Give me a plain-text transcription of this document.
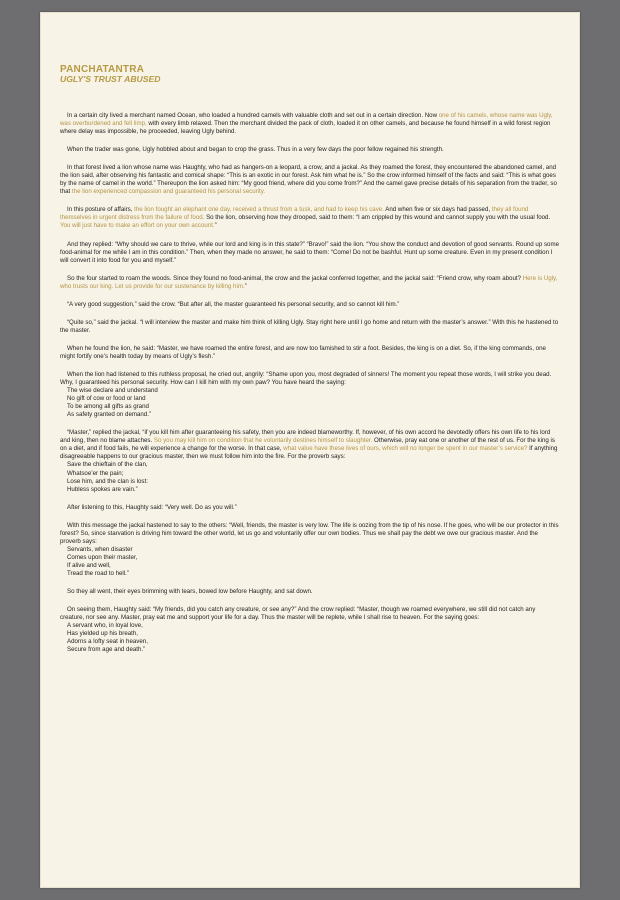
PANCHATANTRA
UGLY'S TRUST ABUSED

In a certain city lived a merchant named Ocean, who loaded a hundred camels with valuable cloth and set out in a certain direction. Now one of his camels, whose name was Ugly, was overburdened and fell limp, with every limb relaxed. Then the merchant divided the pack of cloth, loaded it on other camels, and because he found himself in a wild forest region where delay was impossible, he proceeded, leaving Ugly behind.

When the trader was gone, Ugly hobbled about and began to crop the grass. Thus in a very few days the poor fellow regained his strength.

In that forest lived a lion whose name was Haughty, who had as hangers-on a leopard, a crow, and a jackal. As they roamed the forest, they encountered the abandoned camel, and the lion said, after observing his fantastic and comical shape: “This is an exotic in our forest. Ask him what he is.” So the crow informed himself of the facts and said: “This is what goes by the name of camel in the world.” Thereupon the lion asked him: “My good friend, where did you come from?” And the camel gave precise details of his separation from the trader, so that the lion experienced compassion and guaranteed his personal security.

In this posture of affairs, the lion fought an elephant one day, received a thrust from a tusk, and had to keep his cave. And when five or six days had passed, they all found themselves in urgent distress from the failure of food. So the lion, observing how they drooped, said to them: “I am crippled by this wound and cannot supply you with the usual food. You will just have to make an effort on your own account.”

And they replied: “Why should we care to thrive, while our lord and king is in this state?” “Bravo!” said the lion. “You show the conduct and devotion of good servants. Round up some food-animal for me while I am in this condition.” Then, when they made no answer, he said to them: “Come! Do not be bashful. Hunt up some creature. Even in my present condition I will convert it into food for you and myself.”

So the four started to roam the woods. Since they found no food-animal, the crow and the jackal conferred together, and the jackal said: “Friend crow, why roam about? Here is Ugly, who trusts our king. Let us provide for our sustenance by killing him.”

“A very good suggestion,” said the crow. “But after all, the master guaranteed his personal security, and so cannot kill him.”

“Quite so,” said the jackal. “I will interview the master and make him think of killing Ugly. Stay right here until I go home and return with the master’s answer.” With this he hastened to the master.

When he found the lion, he said: “Master, we have roamed the entire forest, and are now too famished to stir a foot. Besides, the king is on a diet. So, if the king commands, one might fortify one’s health today by means of Ugly’s flesh.”

When the lion had listened to this ruthless proposal, he cried out, angrily: “Shame upon you, most degraded of sinners! The moment you repeat those words, I will strike you dead. Why, I guaranteed his personal security. How can I kill him with my own paw? You have heard the saying:

The wise declare and understand
No gift of cow or food or land
To be among all gifts as grand
As safety granted on demand.”

“Master,” replied the jackal, “if you kill him after guaranteeing his safety, then you are indeed blameworthy. If, however, of his own accord he devotedly offers his own life to his lord and king, then no blame attaches. So you may kill him on condition that he voluntarily destines himself to slaughter. Otherwise, pray eat one or another of the rest of us. For the king is on a diet, and if food fails, he will experience a change for the worse. In that case, what value have these lives of ours, which will no longer be spent in our master’s service? If anything disagreeable happens to our gracious master, then we must follow him into the fire. For the proverb says:

Save the chieftain of the clan,
Whatsoe’er the pain;
Lose him, and the clan is lost:
Hubless spokes are vain.”

After listening to this, Haughty said: “Very well. Do as you will.”

With this message the jackal hastened to say to the others: “Well, friends, the master is very low. The life is oozing from the tip of his nose. If he goes, who will be our protector in this forest? So, since starvation is driving him toward the other world, let us go and voluntarily offer our own bodies. Thus we shall pay the debt we owe our gracious master. And the proverb says:

Servants, when disaster
Comes upon their master,
If alive and well,
Tread the road to hell.”

So they all went, their eyes brimming with tears, bowed low before Haughty, and sat down.

On seeing them, Haughty said: “My friends, did you catch any creature, or see any?” And the crow replied: “Master, though we roamed everywhere, we still did not catch any creature, nor see any. Master, pray eat me and support your life for a day. Thus the master will be replete, while I shall rise to heaven. For the saying goes:

A servant who, in loyal love,
Has yielded up his breath,
Adorns a lofty seat in heaven,
Secure from age and death.”
